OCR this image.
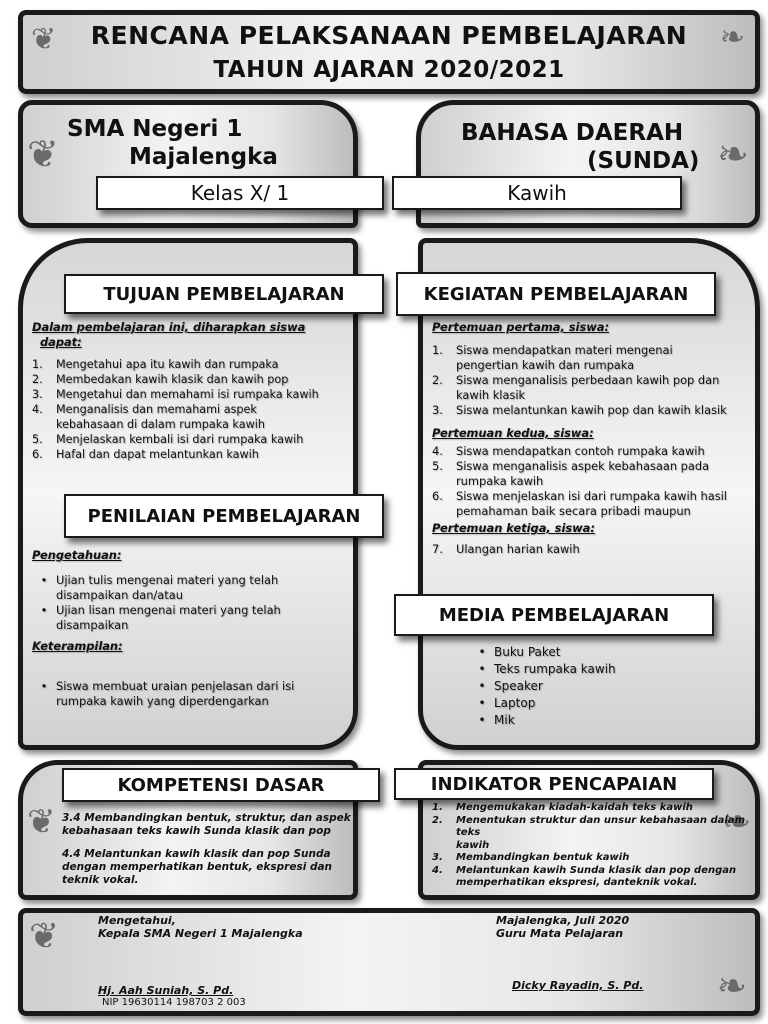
❦	❧
RENCANA PELAKSANAAN PEMBELAJARAN
TAHUN AJARAN 2020/2021
❦
SMA Negeri 1
Majalengka
Kelas X/ 1
❧
BAHASA DAERAH
(SUNDA)
Kawih
TUJUAN PEMBELAJARAN
Dalam pembelajaran ini, diharapkan siswa
dapat:
1.	Mengetahui apa itu kawih dan rumpaka
2.	Membedakan kawih klasik dan kawih pop
3.	Mengetahui dan memahami isi rumpaka kawih
4.	Menganalisis dan memahami aspek
kebahasaan di dalam rumpaka kawih
5.	Menjelaskan kembali isi dari rumpaka kawih
6.	Hafal dan dapat melantunkan kawih
PENILAIAN PEMBELAJARAN
Pengetahuan:
• Ujian tulis mengenai materi yang telah
disampaikan dan/atau
• Ujian lisan mengenai materi yang telah
disampaikan
Keterampilan:
• Siswa membuat uraian penjelasan dari isi
rumpaka kawih yang diperdengarkan
KEGIATAN PEMBELAJARAN
Pertemuan pertama, siswa:
1.	Siswa mendapatkan materi mengenai
pengertian kawih dan rumpaka
2.	Siswa menganalisis perbedaan kawih pop dan
kawih klasik
3.	Siswa melantunkan kawih pop dan kawih klasik
Pertemuan kedua, siswa:
4.	Siswa mendapatkan contoh rumpaka kawih
5.	Siswa menganalisis aspek kebahasaan pada
rumpaka kawih
6.	Siswa menjelaskan isi dari rumpaka kawih hasil
pemahaman baik secara pribadi maupun
Pertemuan ketiga, siswa:
7.	Ulangan harian kawih
MEDIA PEMBELAJARAN
• Buku Paket
• Teks rumpaka kawih
• Speaker
• Laptop
• Mik
❦
KOMPETENSI DASAR
3.4 Membandingkan bentuk, struktur, dan aspek
kebahasaan teks kawih Sunda klasik dan pop
4.4 Melantunkan kawih klasik dan pop Sunda
dengan memperhatikan bentuk, ekspresi dan
teknik vokal.
❧
INDIKATOR PENCAPAIAN
1.	Mengemukakan kiadah-kaidah teks kawih
2.	Menentukan struktur dan unsur kebahasaan dalam teks
kawih
3.	Membandingkan bentuk kawih
4.	Melantunkan kawih Sunda klasik dan pop dengan
memperhatikan ekspresi, danteknik vokal.
❦
❧
Mengetahui,
Kepala SMA Negeri 1 Majalengka
Hj. Aah Suniah, S. Pd.
NIP 19630114 198703 2 003
Majalengka, Juli 2020
Guru Mata Pelajaran
Dicky Rayadin, S. Pd.
